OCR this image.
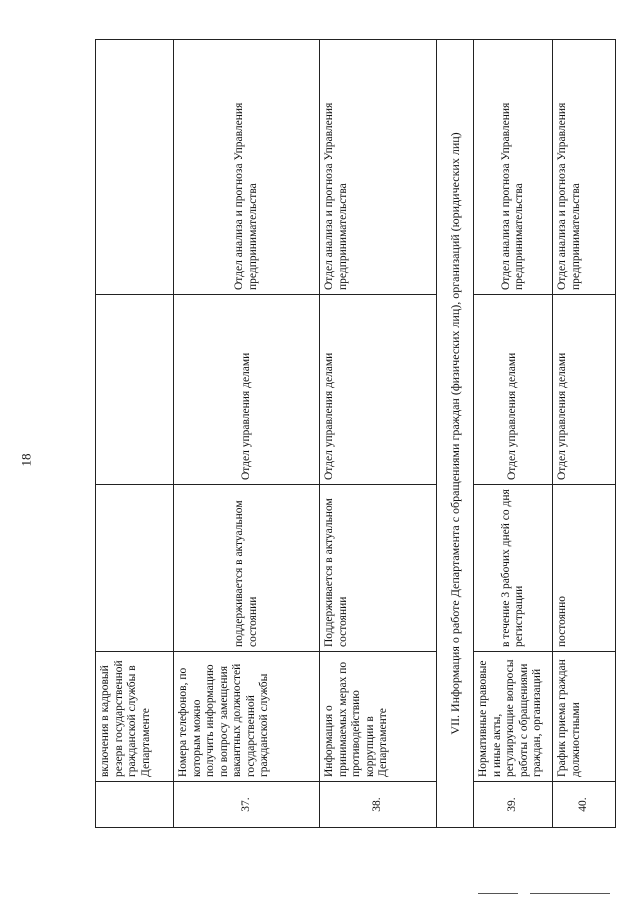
18
	включения в кадровый резерв государственной гражданской службы в Департаменте			
37.	Номера телефонов, по которым можно получить информацию по вопросу замещения вакантных должностей государственной гражданской службы	поддерживается в актуальном состоянии	Отдел управления делами	Отдел анализа и прогноза Управления предпринимательства
38.	Информация о принимаемых мерах по противодействию коррупции в Департаменте	Поддерживается в актуальном состоянии	Отдел управления делами	Отдел анализа и прогноза Управления предпринимательства
VII. Информация о работе Департамента с обращениями граждан (физических лиц), организаций (юридических лиц)				
39.	Нормативные правовые и иные акты, регулирующие вопросы работы с обращениями граждан, организаций	в течение 3 рабочих дней со дня регистрации	Отдел управления делами	Отдел анализа и прогноза Управления предпринимательства
40.	График приема граждан должностными	постоянно	Отдел управления делами	Отдел анализа и прогноза Управления предпринимательства
